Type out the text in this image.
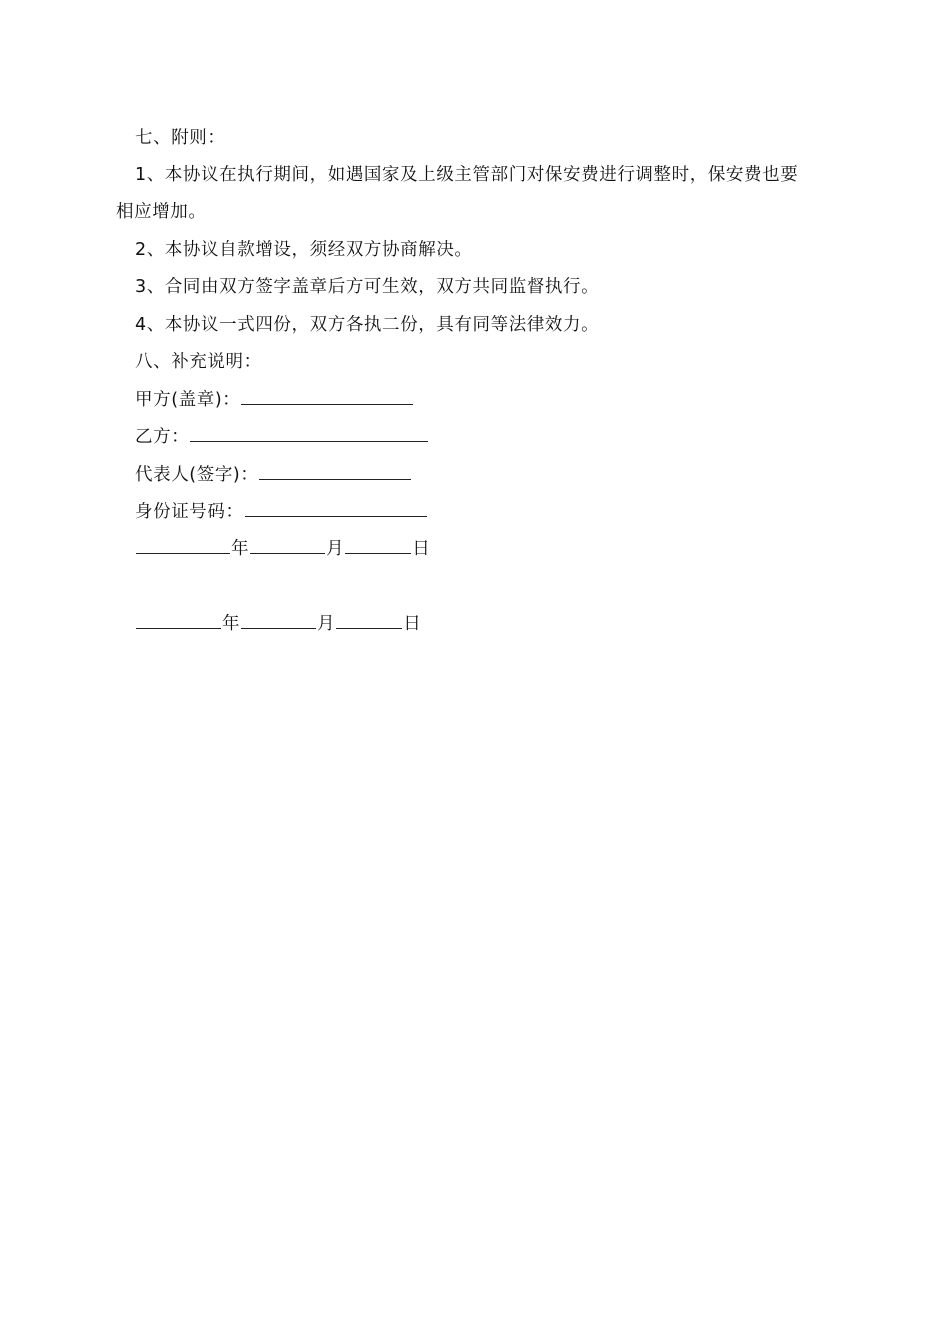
七、附则：
1、本协议在执行期间，如遇国家及上级主管部门对保安费进行调整时，保安费也要
相应增加。
2、本协议自款增设，须经双方协商解决。
3、合同由双方签字盖章后方可生效，双方共同监督执行。
4、本协议一式四份，双方各执二份，具有同等法律效力。
八、补充说明：
甲方(盖章)：
乙方：
代表人(签字)：
身份证号码：
年	月	日
年	月	日
